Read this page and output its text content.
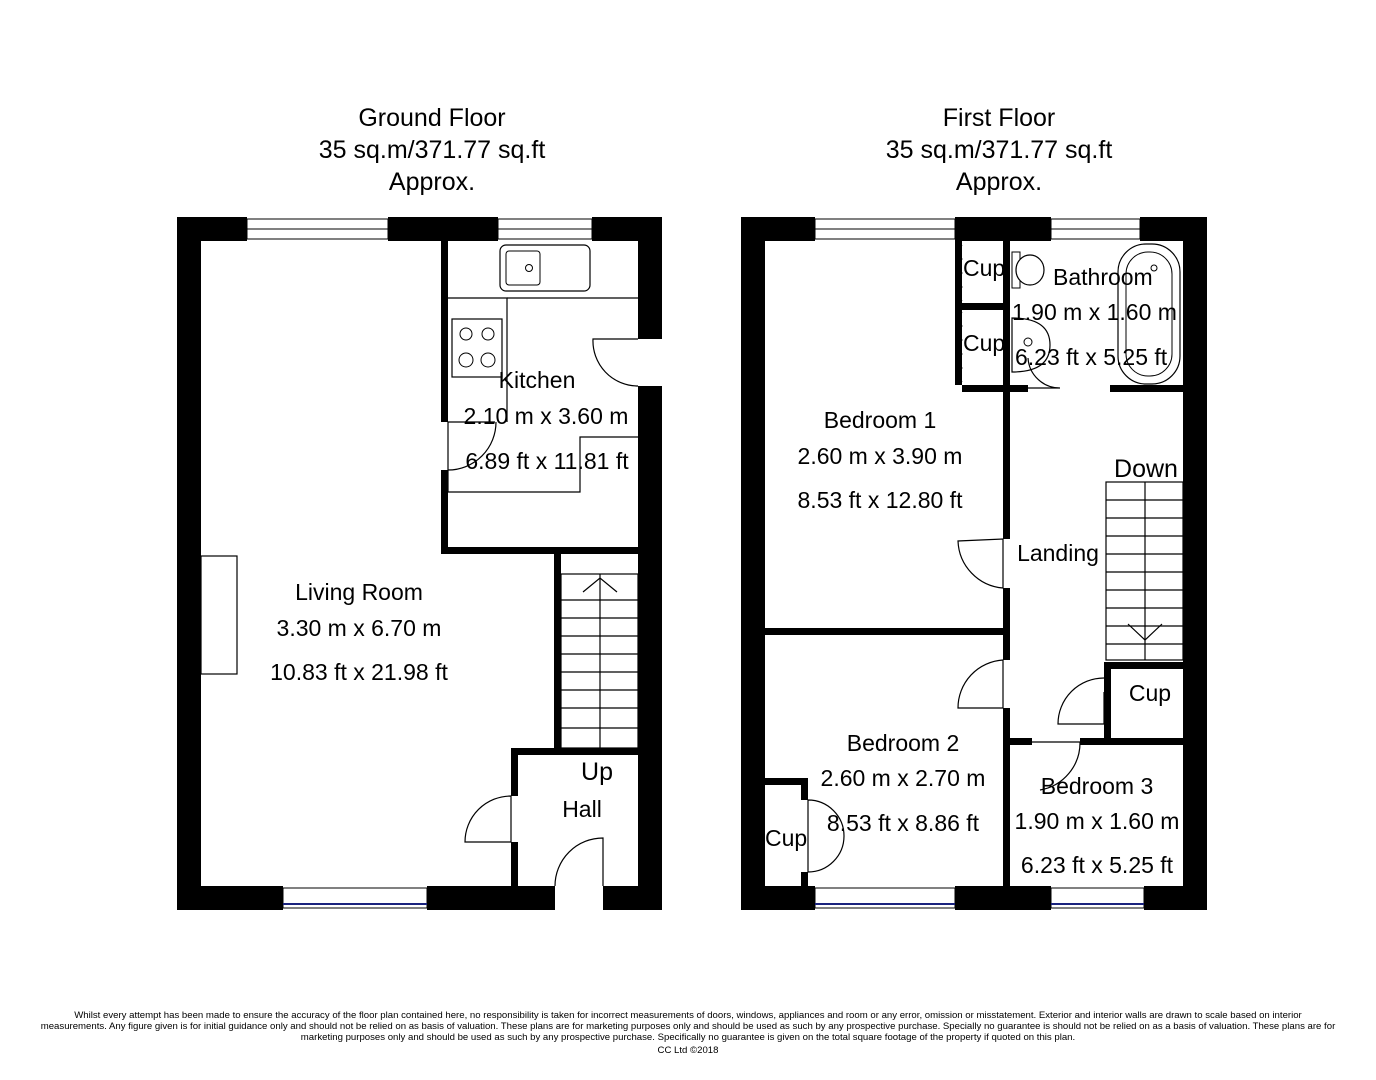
Ground Floor
35 sq.m/371.77 sq.ft
Approx.
First Floor
35 sq.m/371.77 sq.ft
Approx.
Kitchen
2.10 m x 3.60 m
6.89 ft x 11.81 ft
Living Room
3.30 m x 6.70 m
10.83 ft x 21.98 ft
Up
Hall
Bathroom
1.90 m x 1.60 m
6.23 ft x 5.25 ft
Cup
Cup
Bedroom 1
2.60 m x 3.90 m
8.53 ft x 12.80 ft
Down
Landing
Cup
Bedroom 2
2.60 m x 2.70 m
8.53 ft x 8.86 ft
Cup
Bedroom 3
1.90 m x 1.60 m
6.23 ft x 5.25 ft
Whilst every attempt has been made to ensure the accuracy of the floor plan contained here, no responsibility is taken for incorrect measurements of doors, windows, appliances and room or any error, omission or misstatement. Exterior and interior walls are drawn to scale based on interior measurements. Any figure given is for initial guidance only and should not be relied on as basis of valuation. These plans are for marketing purposes only and should be used as such by any prospective purchase. Specially no guarantee is should not be relied on as a basis of valuation. These plans are for marketing purposes only and should be used as such by any prospective purchase. Specifically no guarantee is given on the total square footage of the property if quoted on this plan.
CC Ltd ©2018
